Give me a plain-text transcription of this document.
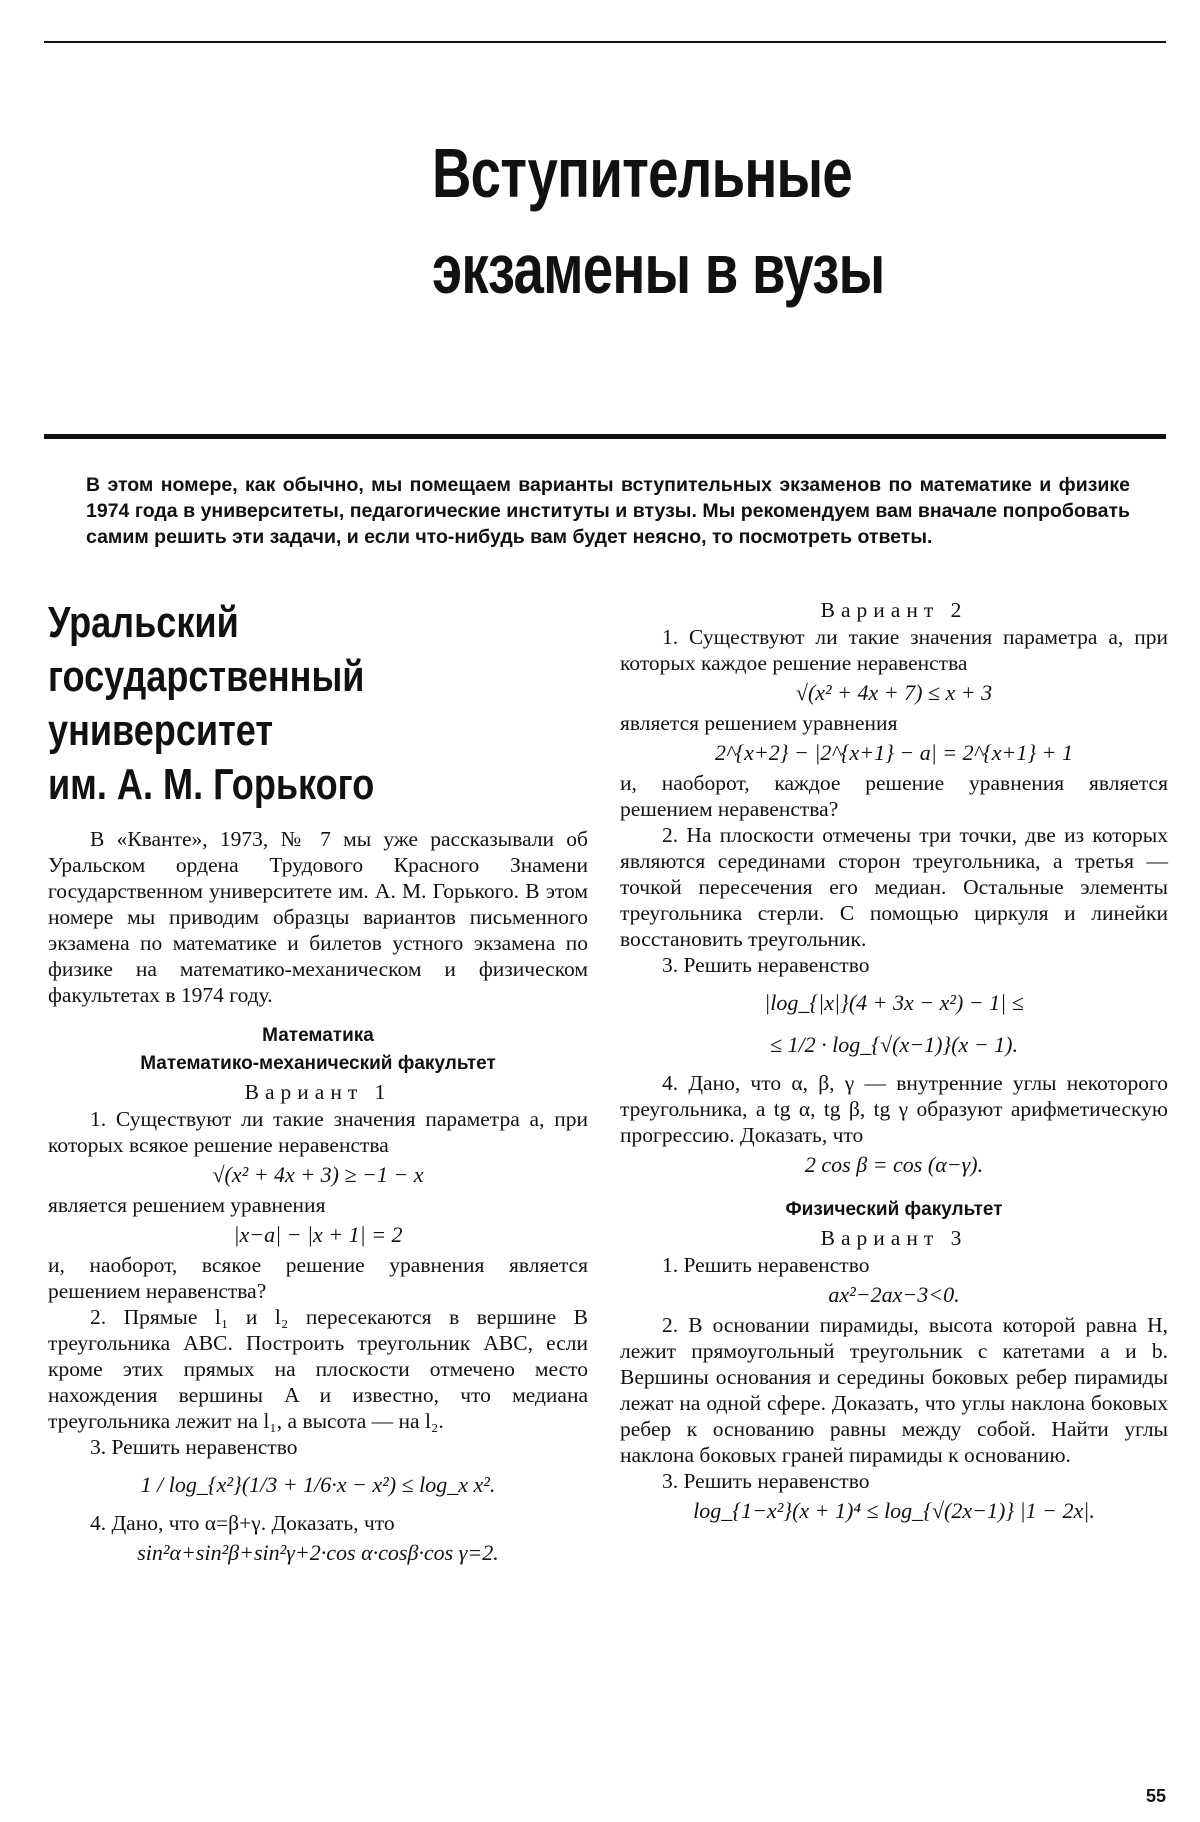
Вступительные
экзамены в вузы
В этом номере, как обычно, мы помещаем варианты вступительных экзаменов по математике и физике 1974 года в университеты, педагогические институты и втузы. Мы рекомендуем вам вначале попробовать самим решить эти задачи, и если что-нибудь вам будет неясно, то посмотреть ответы.
Уральский
государственный
университет
им. А. М. Горького

В «Кванте», 1973, № 7 мы уже рассказывали об Уральском ордена Трудового Красного Знамени государственном университете им. А. М. Горького. В этом номере мы приводим образцы вариантов письменного экзамена по математике и билетов устного экзамена по физике на математико-механическом и физическом факультетах в 1974 году.

Математика
Математико-механический факультет
Вариант 1

1. Существуют ли такие значения параметра a, при которых всякое решение неравенства

√(x² + 4x + 3) ≥ −1 − x

является решением уравнения

|x−a| − |x + 1| = 2

и, наоборот, всякое решение уравнения является решением неравенства?

2. Прямые l₁ и l₂ пересекаются в вершине B треугольника ABC. Построить треугольник ABC, если кроме этих прямых на плоскости отмечено место нахождения вершины A и известно, что медиана треугольника лежит на l₁, а высота — на l₂.

3. Решить неравенство

1 / log_{x²}(1/3 + 1/6·x − x²) ≤ log_x x².

4. Дано, что α=β+γ. Доказать, что

sin²α+sin²β+sin²γ+2·cos α·cosβ·cos γ=2.
Вариант 2

1. Существуют ли такие значения параметра a, при которых каждое решение неравенства

√(x² + 4x + 7) ≤ x + 3

является решением уравнения

2^{x+2} − |2^{x+1} − a| = 2^{x+1} + 1

и, наоборот, каждое решение уравнения является решением неравенства?

2. На плоскости отмечены три точки, две из которых являются серединами сторон треугольника, а третья — точкой пересечения его медиан. Остальные элементы треугольника стерли. С помощью циркуля и линейки восстановить треугольник.

3. Решить неравенство

|log_{|x|}(4 + 3x − x²) − 1| ≤
≤ 1/2 · log_{√(x−1)}(x − 1).

4. Дано, что α, β, γ — внутренние углы некоторого треугольника, а tg α, tg β, tg γ образуют арифметическую прогрессию. Доказать, что

2 cos β = cos (α−γ).
Физический факультет
Вариант 3

1. Решить неравенство

ax²−2ax−3<0.

2. В основании пирамиды, высота которой равна H, лежит прямоугольный треугольник с катетами a и b. Вершины основания и середины боковых ребер пирамиды лежат на одной сфере. Доказать, что углы наклона боковых ребер к основанию равны между собой. Найти углы наклона боковых граней пирамиды к основанию.

3. Решить неравенство

log_{1−x²}(x + 1)⁴ ≤ log_{√(2x−1)} |1 − 2x|.
55
